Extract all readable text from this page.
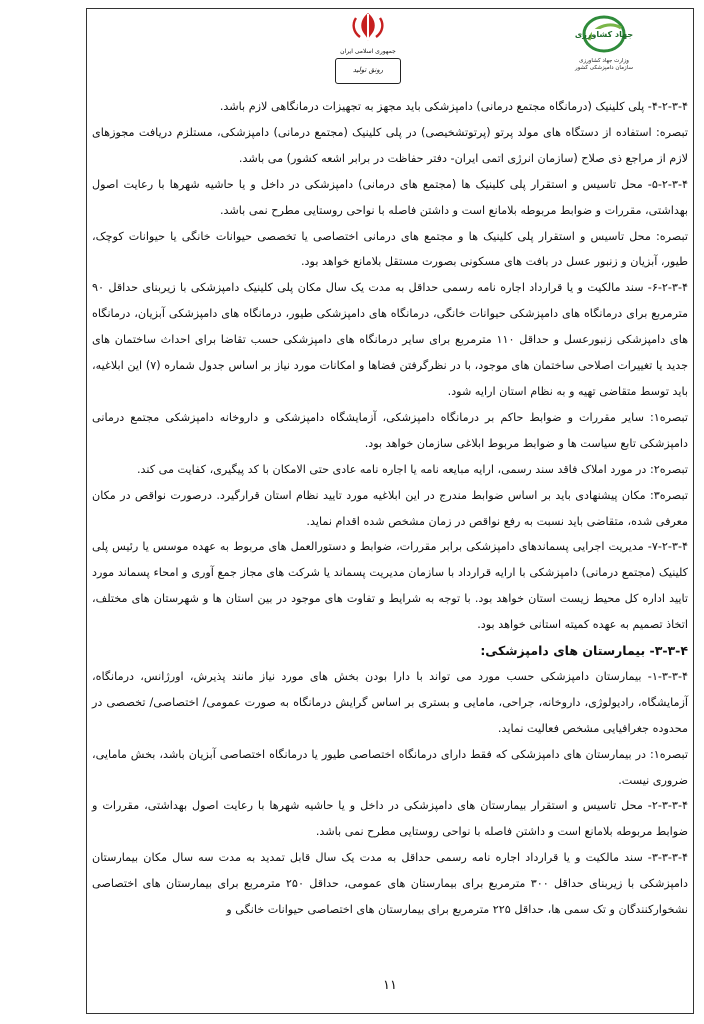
جمهوری اسلامی ایران
رونق تولید
جهاد کشاورزی
وزارت جهاد کشاورزی
سازمان دامپزشکی کشور

۴-۲-۳-۴- پلی کلینیک (درمانگاه مجتمع درمانی) دامپزشکی باید مجهز به تجهیزات درمانگاهی لازم باشد.

تبصره: استفاده از دستگاه های مولد پرتو (پرتوتشخیصی) در پلی کلینیک (مجتمع درمانی) دامپزشکی، مستلزم دریافت مجوزهای لازم از مراجع ذی صلاح (سازمان انرژی اتمی ایران- دفتر حفاظت در برابر اشعه کشور) می باشد.

۵-۲-۳-۴- محل تاسیس و استقرار پلی کلینیک ها (مجتمع های درمانی) دامپزشکی در داخل و یا حاشیه شهرها با رعایت اصول بهداشتی، مقررات و ضوابط مربوطه بلامانع است و داشتن فاصله با نواحی روستایی مطرح نمی باشد.

تبصره: محل تاسیس و استقرار پلی کلینیک ها و مجتمع های درمانی اختصاصی یا تخصصی حیوانات خانگی یا حیوانات کوچک، طیور، آبزیان و زنبور عسل در بافت های مسکونی بصورت مستقل بلامانع خواهد بود.

۶-۲-۳-۴- سند مالکیت و یا قرارداد اجاره نامه رسمی حداقل به مدت یک سال مکان پلی کلینیک دامپزشکی با زیربنای حداقل ۹۰ مترمربع برای درمانگاه های دامپزشکی حیوانات خانگی، درمانگاه های دامپزشکی طیور، درمانگاه های دامپزشکی آبزیان، درمانگاه های دامپزشکی زنبورعسل و حداقل ۱۱۰ مترمربع برای سایر درمانگاه های دامپزشکی حسب تقاضا برای احداث ساختمان های جدید یا تغییرات اصلاحی ساختمان های موجود، با در نظرگرفتن فضاها و امکانات مورد نیاز بر اساس جدول شماره (۷) این ابلاغیه، باید توسط متقاضی تهیه و به نظام استان ارایه شود.

تبصره۱: سایر مقررات و ضوابط حاکم بر درمانگاه دامپزشکی، آزمایشگاه دامپزشکی و داروخانه دامپزشکی مجتمع درمانی دامپزشکی تابع سیاست ها و ضوابط مربوط ابلاغی سازمان خواهد بود.

تبصره۲: در مورد املاک فاقد سند رسمی، ارایه مبایعه نامه یا اجاره نامه عادی حتی الامکان با کد پیگیری، کفایت می کند.

تبصره۳: مکان پیشنهادی باید بر اساس ضوابط مندرج در این ابلاغیه مورد تایید نظام استان قرارگیرد. درصورت نواقص در مکان معرفی شده، متقاضی باید نسبت به رفع نواقص در زمان مشخص شده اقدام نماید.

۷-۲-۳-۴- مدیریت اجرایی پسماندهای دامپزشکی برابر مقررات، ضوابط و دستورالعمل های مربوط به عهده موسس یا رئیس پلی کلینیک (مجتمع درمانی) دامپزشکی با ارایه قرارداد با سازمان مدیریت پسماند یا شرکت های مجاز جمع آوری و امحاء پسماند مورد تایید اداره کل محیط زیست استان خواهد بود. با توجه به شرایط و تفاوت های موجود در بین استان ها و شهرستان های مختلف، اتخاذ تصمیم به عهده کمیته استانی خواهد بود.

۳-۳-۴- بیمارستان های دامپزشکی:

۱-۳-۳-۴- بیمارستان دامپزشکی حسب مورد می تواند با دارا بودن بخش های مورد نیاز مانند پذیرش، اورژانس، درمانگاه، آزمایشگاه، رادیولوژی، داروخانه، جراحی، مامایی و بستری بر اساس گرایش درمانگاه به صورت عمومی/ اختصاصی/ تخصصی در محدوده جغرافیایی مشخص فعالیت نماید.

تبصره۱: در بیمارستان های دامپزشکی که فقط دارای درمانگاه اختصاصی طیور یا درمانگاه اختصاصی آبزیان باشد، بخش مامایی، ضروری نیست.

۲-۳-۳-۴- محل تاسیس و استقرار بیمارستان های دامپزشکی در داخل و یا حاشیه شهرها با رعایت اصول بهداشتی، مقررات و ضوابط مربوطه بلامانع است و داشتن فاصله با نواحی روستایی مطرح نمی باشد.

۳-۳-۳-۴- سند مالکیت و یا قرارداد اجاره نامه رسمی حداقل به مدت یک سال قابل تمدید به مدت سه سال مکان بیمارستان دامپزشکی با زیربنای حداقل ۳۰۰ مترمربع برای بیمارستان های عمومی، حداقل ۲۵۰ مترمربع برای بیمارستان های اختصاصی نشخوارکنندگان و تک سمی ها، حداقل ۲۲۵ مترمربع برای بیمارستان های اختصاصی حیوانات خانگی و

۱۱
